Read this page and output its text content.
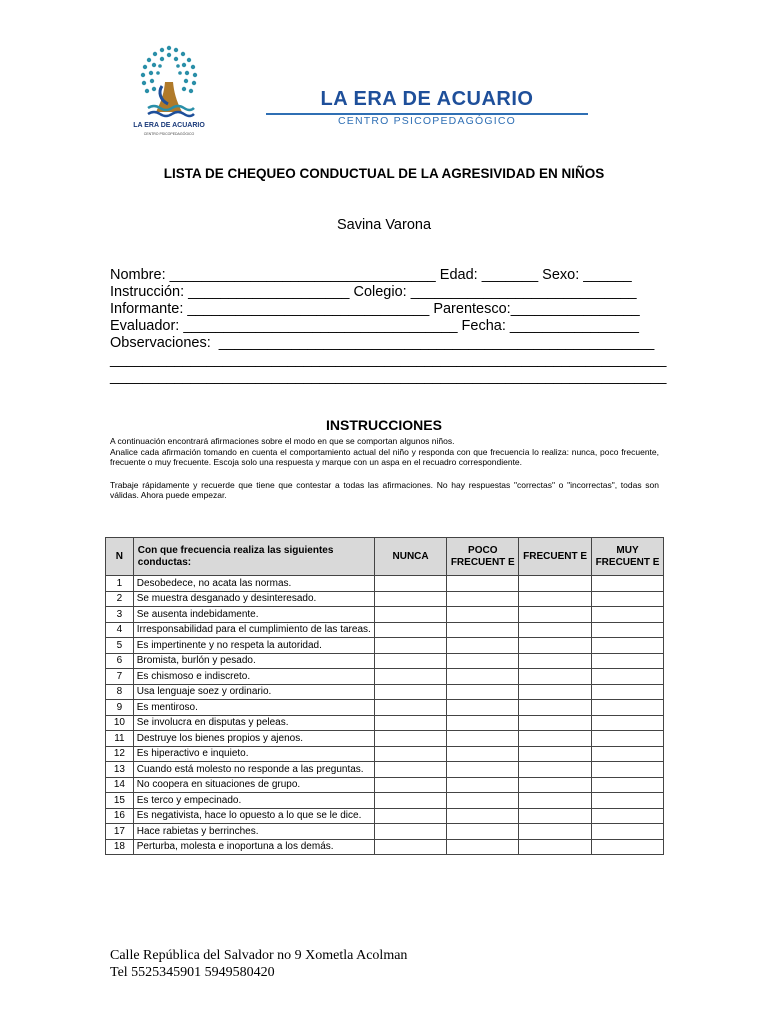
LA ERA DE ACUARIO
CENTRO PSICOPEDAGÓGICO
LA ERA DE ACUARIO
CENTRO PSICOPEDAGÓGICO
LISTA DE CHEQUEO CONDUCTUAL DE LA AGRESIVIDAD EN NIÑOS
Savina Varona
Nombre: _________________________________ Edad: _______ Sexo: ______
Instrucción: ____________________ Colegio: ____________________________
Informante: ______________________________ Parentesco:________________
Evaluador: __________________________________ Fecha: ________________
Observaciones:  ______________________________________________________
_____________________________________________________________________
_____________________________________________________________________
INSTRUCCIONES
A continuación encontrará afirmaciones sobre el modo en que se comportan algunos niños.
Analice cada afirmación tomando en cuenta el comportamiento actual del niño y responda con que frecuencia lo realiza: nunca, poco frecuente, frecuente o muy frecuente. Escoja solo una respuesta y marque con un aspa en el recuadro correspondiente.
Trabaje rápidamente y recuerde que tiene que contestar a todas las afirmaciones. No hay respuestas "correctas" o "incorrectas", todas son válidas. Ahora puede empezar.
N	Con que frecuencia realiza las siguientes conductas:	NUNCA	POCO FRECUENT E	FRECUENT E	MUY FRECUENT E
1	Desobedece, no acata las normas.				
2	Se muestra desganado y desinteresado.				
3	Se ausenta indebidamente.				
4	Irresponsabilidad para el cumplimiento de las tareas.				
5	Es impertinente y no respeta la autoridad.				
6	Bromista, burlón y pesado.				
7	Es chismoso e indiscreto.				
8	Usa lenguaje soez y ordinario.				
9	Es mentiroso.				
10	Se involucra en disputas y peleas.				
11	Destruye los bienes propios y ajenos.				
12	Es hiperactivo e inquieto.				
13	Cuando está molesto no responde a las preguntas.				
14	No coopera en situaciones de grupo.				
15	Es terco y empecinado.				
16	Es negativista, hace lo opuesto a lo que se le dice.				
17	Hace rabietas y berrinches.				
18	Perturba, molesta e inoportuna a los demás.				
Calle República del Salvador no 9 Xometla Acolman
Tel 5525345901 5949580420
